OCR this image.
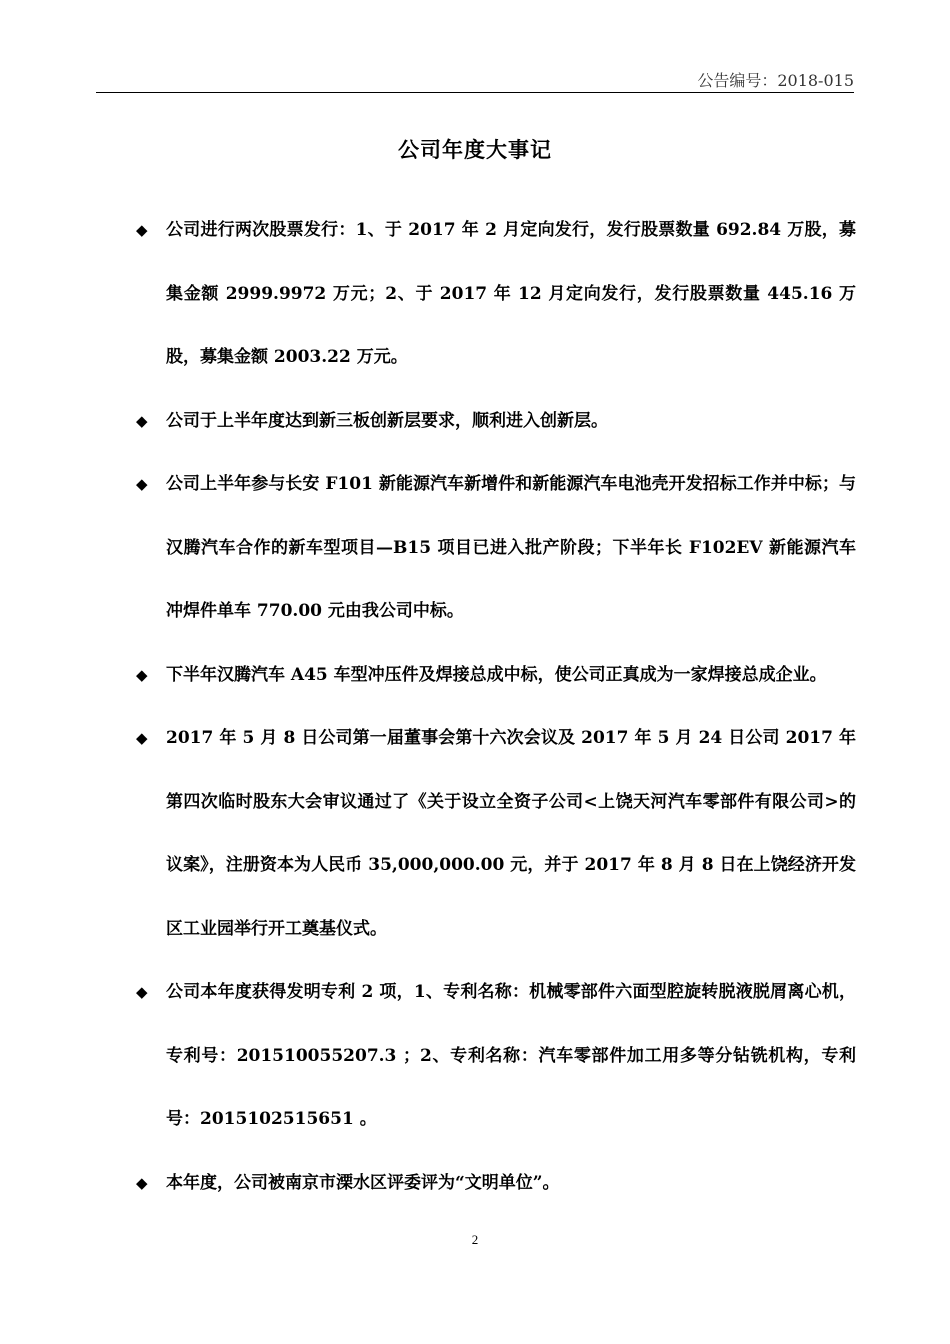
公告编号：2018-015
公司年度大事记
◆ 公司进行两次股票发行：1、于 2017 年 2 月定向发行，发行股票数量 692.84 万股，募集金额 2999.9972 万元；2、于 2017 年 12 月定向发行，发行股票数量 445.16 万股，募集金额 2003.22 万元。
◆ 公司于上半年度达到新三板创新层要求，顺利进入创新层。
◆ 公司上半年参与长安 F101 新能源汽车新增件和新能源汽车电池壳开发招标工作并中标；与汉腾汽车合作的新车型项目—B15 项目已进入批产阶段；下半年长 F102EV 新能源汽车冲焊件单车 770.00 元由我公司中标。
◆ 下半年汉腾汽车 A45 车型冲压件及焊接总成中标，使公司正真成为一家焊接总成企业。
◆ 2017 年 5 月 8 日公司第一届董事会第十六次会议及 2017 年 5 月 24 日公司 2017 年第四次临时股东大会审议通过了《关于设立全资子公司<上饶天河汽车零部件有限公司>的议案》，注册资本为人民币 35,000,000.00 元，并于 2017 年 8 月 8 日在上饶经济开发区工业园举行开工奠基仪式。
◆ 公司本年度获得发明专利 2 项，1、专利名称：机械零部件六面型腔旋转脱液脱屑离心机，专利号：201510055207.3 ；2、专利名称：汽车零部件加工用多等分钻铣机构，专利号：2015102515651 。
◆ 本年度，公司被南京市溧水区评委评为“文明单位”。
2
